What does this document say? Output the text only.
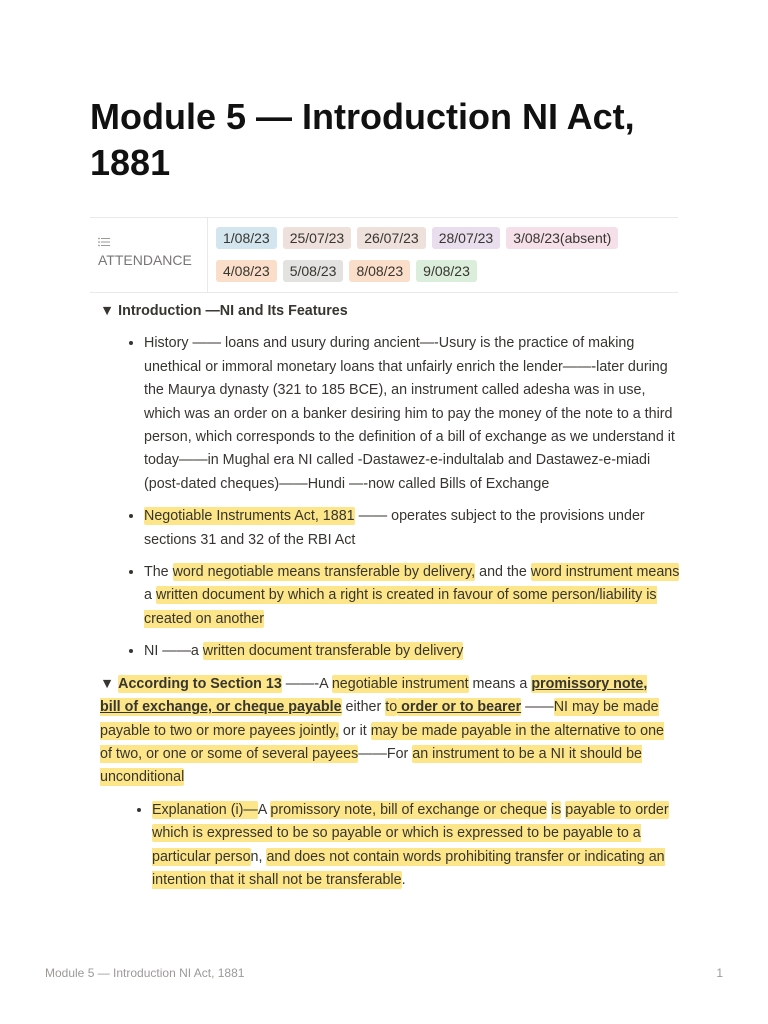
Module 5 — Introduction NI Act, 1881
ATTENDANCE
1/08/23 25/07/23 26/07/23 28/07/23 3/08/23(absent)
4/08/23 5/08/23 8/08/23 9/08/23

▼ Introduction —NI and Its Features

• History —— loans and usury during ancient—-Usury is the practice of making unethical or immoral monetary loans that unfairly enrich the lender——-later during the Maurya dynasty (321 to 185 BCE), an instrument called adesha was in use, which was an order on a banker desiring him to pay the money of the note to a third person, which corresponds to the definition of a bill of exchange as we understand it today——in Mughal era NI called -Dastawez-e-indultalab and Dastawez-e-miadi (post-dated cheques)——Hundi —-now called Bills of Exchange
• Negotiable Instruments Act, 1881 —— operates subject to the provisions under sections 31 and 32 of the RBI Act
• The word negotiable means transferable by delivery, and the word instrument means a written document by which a right is created in favour of some person/liability is created on another
• NI ——a written document transferable by delivery
▼ According to Section 13 ——-A negotiable instrument means a promissory note, bill of exchange, or cheque payable either to order or to bearer ——NI may be made payable to two or more payees jointly, or it may be made payable in the alternative to one of two, or one or some of several payees——For an instrument to be a NI it should be unconditional
• Explanation (i)—A promissory note, bill of exchange or cheque is payable to order which is expressed to be so payable or which is expressed to be payable to a particular person, and does not contain words prohibiting transfer or indicating an intention that it shall not be transferable.
Module 5 — Introduction NI Act, 1881	1
